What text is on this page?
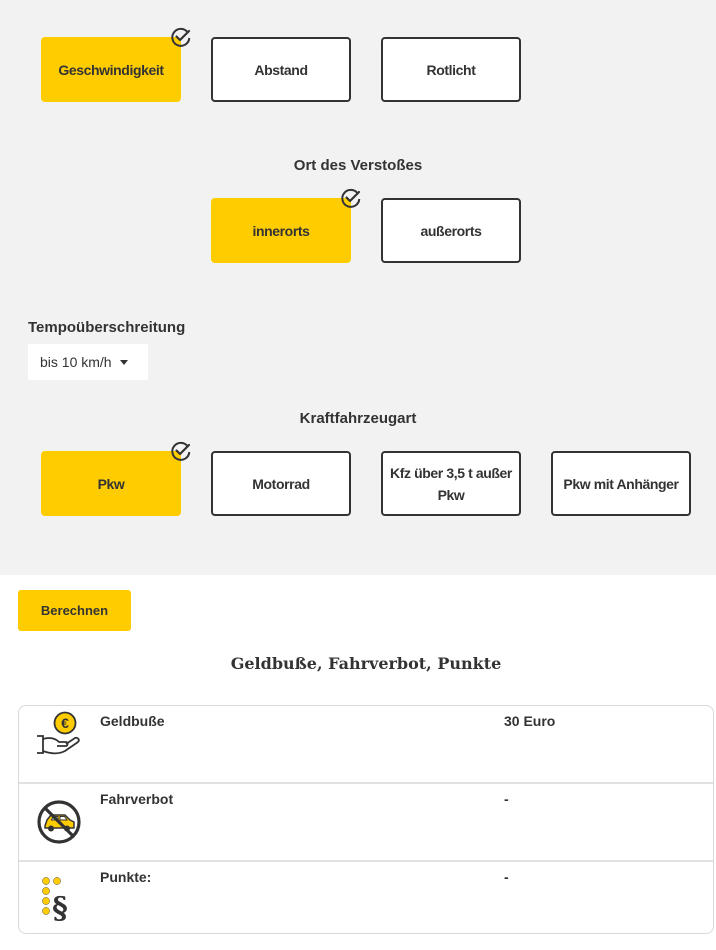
Geschwindigkeit	Abstand	Rotlicht
Ort des Verstoßes
innerorts	außerorts
Tempoüberschreitung
bis 10 km/h
Kraftfahrzeugart
Pkw	Motorrad
Kfz über 3,5 t außer Pkw
Pkw mit Anhänger
Berechnen
Geldbuße, Fahrverbot, Punkte
€ Geldbuße	30 Euro
Fahrverbot	-
§
Punkte:	-
